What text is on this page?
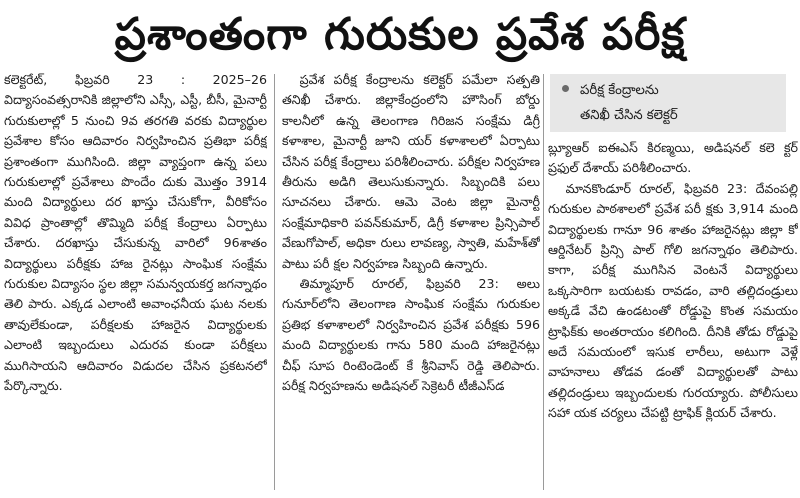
ప్రశాంతంగా గురుకుల ప్రవేశ పరీక్ష

కలెక్టరేట్, ఫిబ్రవరి 23 : 2025–26 విద్యాసంవత్సరానికి జిల్లాలోని ఎస్సీ, ఎస్టీ, బీసీ, మైనార్టీ గురుకులాల్లో 5 నుంచి 9వ తరగతి వరకు విద్యార్థుల ప్రవేశాల కోసం ఆదివారం నిర్వహించిన ప్రతిభా పరీక్ష ప్రశాంతంగా ముగిసింది. జిల్లా వ్యాప్తంగా ఉన్న పలు గురుకులాల్లో ప్రవేశాలు పొందేం దుకు మొత్తం 3914 మంది విద్యార్థులు దర ఖాస్తు చేసుకోగా, వీరికోసం వివిధ ప్రాంతాల్లో తొమ్మిది పరీక్ష కేంద్రాలు ఏర్పాటు చేశారు. దరఖాస్తు చేసుకున్న వారిలో 96శాతం విద్యార్థులు పరీక్షకు హాజ రైనట్లు సాంఘిక సంక్షేమ గురుకుల విద్యాసం స్థల జిల్లా సమన్వయకర్త జగన్నాథం తెలి పారు. ఎక్కడ ఎలాంటి అవాంఛనీయ ఘట నలకు తావులేకుండా, పరీక్షలకు హాజరైన విద్యార్థులకు ఎలాంటి ఇబ్బందులు ఎదురవ కుండా పరీక్షలు ముగిసాయని ఆదివారం విడుదల చేసిన ప్రకటనలో పేర్కొన్నారు.

ప్రవేశ పరీక్ష కేంద్రాలను కలెక్టర్ పమేలా సత్పతి తనిఖీ చేశారు. జిల్లాకేంద్రంలోని హౌసింగ్ బోర్డు కాలనీలో ఉన్న తెలంగాణ గిరిజన సంక్షేమ డిగ్రీ కళాశాల, మైనార్టీ జూని యర్ కళాశాలలో ఏర్పాటు చేసిన పరీక్ష కేంద్రాలు పరిశీలించారు. పరీక్షల నిర్వహణ తీరును అడిగి తెలుసుకున్నారు. సిబ్బందికి పలు సూచనలు చేశారు. ఆమె వెంట జిల్లా మైనార్టీ సంక్షేమాధికారి పవన్‌కుమార్, డిగ్రీ కళాశాల ప్రిన్సిపాల్ వేణుగోపాల్, అధికా రులు లావణ్య, స్వాతి, మహేశ్‌తో పాటు పరీ క్షల నిర్వహణ సిబ్బంది ఉన్నారు.

తిమ్మాపూర్ రూరల్, ఫిబ్రవరి 23: అలు గునూర్‌లోని తెలంగాణ సాంఘిక సంక్షేమ గురుకుల ప్రతిభ కళాశాలలో నిర్వహించిన ప్రవేశ పరీక్షకు 596 మంది విద్యార్థులకు గాను 580 మంది హాజరైనట్లు చీఫ్ సూప రింటెండెంట్ కే శ్రీనివాస్ రెడ్డి తెలిపారు. పరీక్ష నిర్వహణను అడిషనల్ సెక్రెటరీ టీజీఎస్‌డ

పరీక్ష కేంద్రాలను
తనిఖీ చేసిన కలెక్టర్

బ్ల్యూఆర్ ఐఈఎస్ కిరణ్మయి, అడిషనల్ కలె క్టర్ ప్రఫుల్ దేశాయ్ పరిశీలించారు.

మానకొండూర్ రూరల్, ఫిబ్రవరి 23: దేవంపల్లి గురుకుల పాఠశాలలో ప్రవేశ పరీ క్షకు 3,914 మంది విద్యార్థులకు గానూ 96 శాతం హాజరైనట్లు జిల్లా కో ఆర్డినేటర్ ప్రిన్సి పాల్ గోలి జగన్నాథం తెలిపారు. కాగా, పరీక్ష ముగిసిన వెంటనే విద్యార్థులు ఒక్కసారిగా బయటకు రావడం, వారి తల్లిదండ్రులు అక్కడే వేచి ఉండటంతో రోడ్డుపై కొంత సమయం ట్రాఫిక్‌కు అంతరాయం కలిగింది. దీనికి తోడు రోడ్డుపై అదే సమయంలో ఇసుక లారీలు, అటుగా వెళ్లే వాహనాలు తోడవ డంతో విద్యార్థులతో పాటు తల్లిదండ్రులు ఇబ్బందులకు గురయ్యారు. పోలీసులు సహా యక చర్యలు చేపట్టి ట్రాఫిక్ క్లియర్ చేశారు.
